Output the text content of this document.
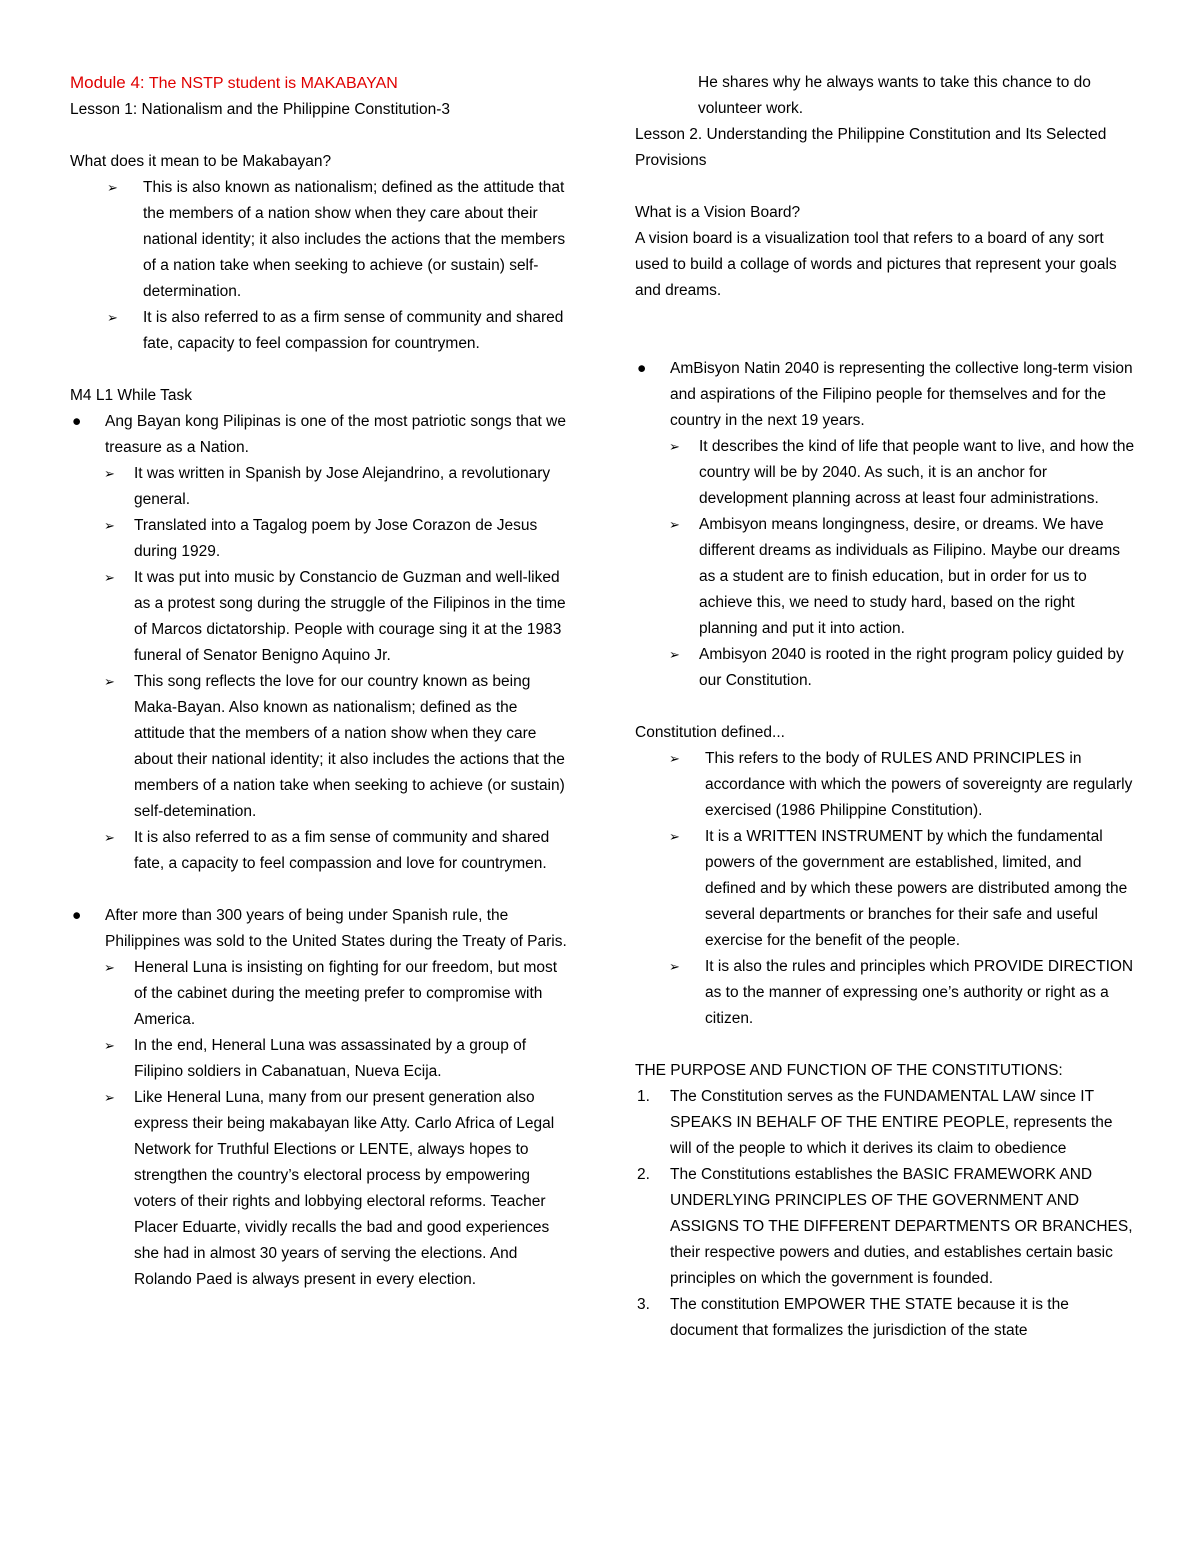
Module 4: The NSTP student is MAKABAYAN

Lesson 1: Nationalism and the Philippine Constitution-3

What does it mean to be Makabayan?

➢ This is also known as nationalism; defined as the attitude that the members of a nation show when they care about their national identity; it also includes the actions that the members of a nation take when seeking to achieve (or sustain) self-determination.
➢ It is also referred to as a firm sense of community and shared fate, capacity to feel compassion for countrymen.

M4 L1 While Task

● Ang Bayan kong Pilipinas is one of the most patriotic songs that we treasure as a Nation.
➢ It was written in Spanish by Jose Alejandrino, a revolutionary general.
➢ Translated into a Tagalog poem by Jose Corazon de Jesus during 1929.
➢ It was put into music by Constancio de Guzman and well-liked as a protest song during the struggle of the Filipinos in the time of Marcos dictatorship. People with courage sing it at the 1983 funeral of Senator Benigno Aquino Jr.
➢ This song reflects the love for our country known as being Maka-Bayan. Also known as nationalism; defined as the attitude that the members of a nation show when they care about their national identity; it also includes the actions that the members of a nation take when seeking to achieve (or sustain) self-detemination.
➢ It is also referred to as a fim sense of community and shared fate, a capacity to feel compassion and love for countrymen.
● After more than 300 years of being under Spanish rule, the Philippines was sold to the United States during the Treaty of Paris.
➢ Heneral Luna is insisting on fighting for our freedom, but most of the cabinet during the meeting prefer to compromise with America.
➢ In the end, Heneral Luna was assassinated by a group of Filipino soldiers in Cabanatuan, Nueva Ecija.
➢ Like Heneral Luna, many from our present generation also express their being makabayan like Atty. Carlo Africa of Legal Network for Truthful Elections or LENTE, always hopes to strengthen the country’s electoral process by empowering voters of their rights and lobbying electoral reforms. Teacher Placer Eduarte, vividly recalls the bad and good experiences she had in almost 30 years of serving the elections. And Rolando Paed is always present in every election.

He shares why he always wants to take this chance to do volunteer work.

Lesson 2. Understanding the Philippine Constitution and Its Selected Provisions

What is a Vision Board?

A vision board is a visualization tool that refers to a board of any sort used to build a collage of words and pictures that represent your goals and dreams.

● AmBisyon Natin 2040 is representing the collective long-term vision and aspirations of the Filipino people for themselves and for the country in the next 19 years.
➢ It describes the kind of life that people want to live, and how the country will be by 2040. As such, it is an anchor for development planning across at least four administrations.
➢ Ambisyon means longingness, desire, or dreams. We have different dreams as individuals as Filipino. Maybe our dreams as a student are to finish education, but in order for us to achieve this, we need to study hard, based on the right planning and put it into action.
➢ Ambisyon 2040 is rooted in the right program policy guided by our Constitution.

Constitution defined...

➢ This refers to the body of RULES AND PRINCIPLES in accordance with which the powers of sovereignty are regularly exercised (1986 Philippine Constitution).
➢ It is a WRITTEN INSTRUMENT by which the fundamental powers of the government are established, limited, and defined and by which these powers are distributed among the several departments or branches for their safe and useful exercise for the benefit of the people.
➢ It is also the rules and principles which PROVIDE DIRECTION as to the manner of expressing one’s authority or right as a citizen.

THE PURPOSE AND FUNCTION OF THE CONSTITUTIONS:

1. The Constitution serves as the FUNDAMENTAL LAW since IT SPEAKS IN BEHALF OF THE ENTIRE PEOPLE, represents the will of the people to which it derives its claim to obedience
2. The Constitutions establishes the BASIC FRAMEWORK AND UNDERLYING PRINCIPLES OF THE GOVERNMENT AND ASSIGNS TO THE DIFFERENT DEPARTMENTS OR BRANCHES, their respective powers and duties, and establishes certain basic principles on which the government is founded.
3. The constitution EMPOWER THE STATE because it is the document that formalizes the jurisdiction of the state
